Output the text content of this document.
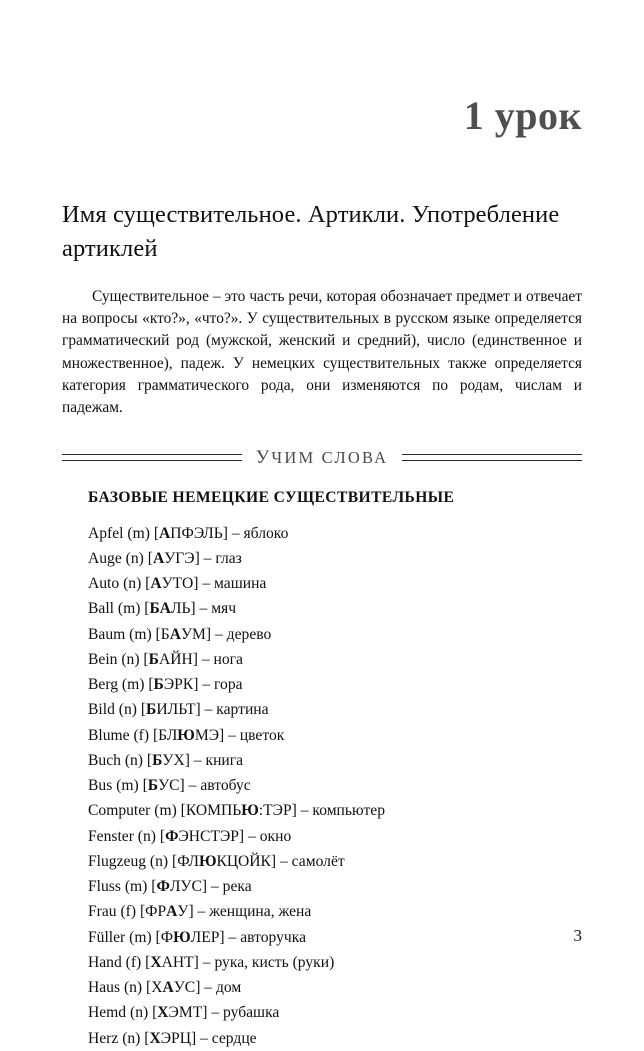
1 урок
Имя существительное. Артикли. Употребление артиклей

Существительное – это часть речи, которая обозначает предмет и отвечает на вопросы «кто?», «что?». У существительных в русском языке определяется грамматический род (мужской, женский и средний), число (единственное и множественное), падеж. У немецких существительных также определяется категория грамматического рода, они изменяются по родам, числам и падежам.

УЧИМ СЛОВА
БАЗОВЫЕ НЕМЕЦКИЕ СУЩЕСТВИТЕЛЬНЫЕ
Apfel (m) [АПФЭЛЬ] – яблоко
Auge (n) [АУГЭ] – глаз
Auto (n) [АУТО] – машина
Ball (m) [БАЛЬ] – мяч
Baum (m) [БАУМ] – дерево
Bein (n) [БАЙН] – нога
Berg (m) [БЭРК] – гора
Bild (n) [БИЛЬТ] – картина
Blume (f) [БЛЮМЭ] – цветок
Buch (n) [БУХ] – книга
Bus (m) [БУС] – автобус
Computer (m) [КОМПЬЮ:ТЭР] – компьютер
Fenster (n) [ФЭНСТЭР] – окно
Flugzeug (n) [ФЛЮКЦОЙК] – самолёт
Fluss (m) [ФЛУС] – река
Frau (f) [ФРАУ] – женщина, жена
Füller (m) [ФЮЛЕР] – авторучка
Hand (f) [ХАНТ] – рука, кисть (руки)
Haus (n) [ХАУС] – дом
Hemd (n) [ХЭМТ] – рубашка
Herz (n) [ХЭРЦ] – сердце
3
